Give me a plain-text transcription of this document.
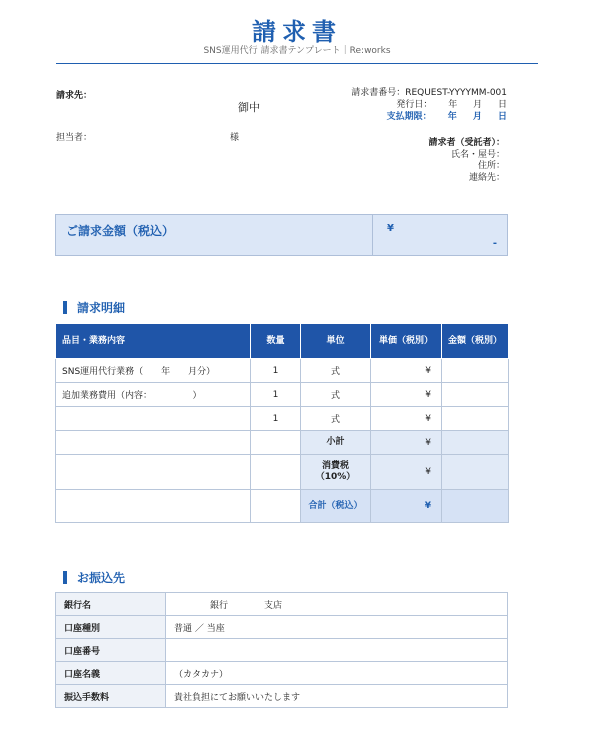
請求書
SNS運用代行 請求書テンプレート｜Re:works
請求先：
御中
担当者：	様
請求書番号：REQUEST-YYYYMM-001
発行日： 年 月 日
支払期限： 年 月 日
請求者（受託者）：
氏名・屋号：
住所：
連絡先：
ご請求金額（税込）	¥
-
請求明細
品目・業務内容	数量	単位	単価（税別）	金額（税別）
SNS運用代行業務（　　年　　月分）	1	式	¥	
追加業務費用（内容：　　　　　）	1	式	¥	
	1	式	¥	
		小計	¥	
		消費税（10%）	¥	
		合計（税込）	¥	
お振込先
銀行名	　　　　銀行　　　　支店
口座種別	普通 ／ 当座
口座番号	
口座名義	（カタカナ）
振込手数料	貴社負担にてお願いいたします
